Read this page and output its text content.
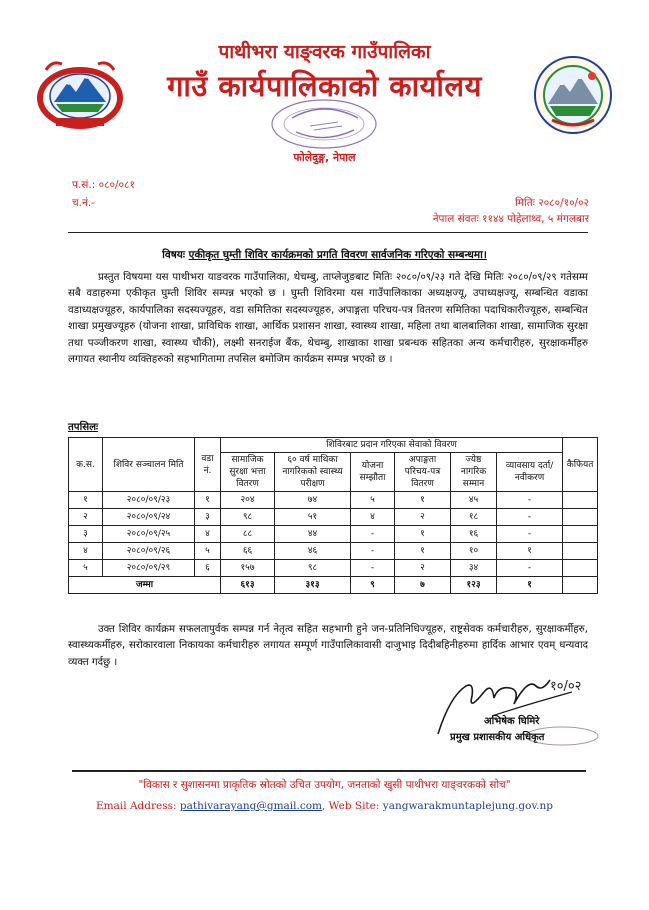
पाथीभरा याङ्वरक गाउँपालिका
गाउँ कार्यपालिकाको कार्यालय
फोलेदुङ्ग, नेपाल
प.सं.: ०८०/०८१
च.नं.-	मितिः २०८०/१०/०२
नेपाल संवतः ११४४ पोहेलाथ्व, ५ मंगलबार
विषयः एकीकृत घुम्ती शिविर कार्यक्रमको प्रगति विवरण सार्वजनिक गरिएको सम्बन्धमा।
प्रस्तुत विषयमा यस पाथीभरा याङवरक गाउँपालिका, थेचम्बु, ताप्लेजुङबाट मितिः २०८०/०९/२३ गते देखि मितिः २०८०/०९/२९ गतेसम्म सबै वडाहरुमा एकीकृत घुम्ती शिविर सम्पन्न भएको छ । घुम्ती शिविरमा यस गाउँपालिकाका अध्यक्षज्यू, उपाध्यक्षज्यू, सम्बन्धित वडाका वडाध्यक्षज्यूहरु, कार्यपालिका सदस्यज्यूहरु, वडा समितिका सदस्यज्यूहरु, अपाङ्गता परिचय-पत्र वितरण समितिका पदाधिकारीज्यूहरु, सम्बन्धित शाखा प्रमुखज्यूहरु (योजना शाखा, प्राविधिक शाखा, आर्थिक प्रशासन शाखा, स्वास्थ्य शाखा, महिला तथा बालबालिका शाखा, सामाजिक सुरक्षा तथा पञ्जीकरण शाखा, स्वास्थ्य चौकी), लक्ष्मी सनराईज बैंक, थेचम्बु, शाखाका शाखा प्रबन्धक सहितका अन्य कर्मचारीहरु, सुरक्षाकर्मीहरु लगायत स्थानीय व्यक्तिहरुको सहभागितामा तपसिल बमोजिम कार्यक्रम सम्पन्न भएको छ ।
तपसिलः
क.स.	शिविर सञ्चालन मिति	वडा नं.	शिविरबाट प्रदान गरिएका सेवाको विवरण						कैफियत
			सामाजिक सुरक्षा भत्ता वितरण	६० वर्ष माथिका नागरिकको स्वास्थ्य परीक्षण	योजना सम्झौता	अपाङ्गता परिचय-पत्र वितरण	ज्येष्ठ नागरिक सम्मान	व्यावसाय दर्ता/नवीकरण	
१	२०८०/०९/२३	१	२०४	७४	५	१	४५	-	
२	२०८०/०९/२४	३	९८	५१	४	२	१८	-	
३	२०८०/०९/२५	४	८८	४४	-	१	१६	-	
४	२०८०/०९/२६	५	६६	४६	-	१	१०	१	
५	२०८०/०९/२९	६	१५७	९८	-	२	३४	-	
जम्मा			६१३	३१३	९	७	१२३	१	
उक्त शिविर कार्यक्रम सफलतापुर्वक सम्पन्न गर्न नेतृत्व सहित सहभागी हुने जन-प्रतिनिधिज्यूहरु, राष्ट्रसेवक कर्मचारीहरु, सुरक्षाकर्मीहरु, स्वास्थ्यकर्मीहरु, सरोकारवाला निकायका कर्मचारीहरु लगायत सम्पूर्ण गाउँपालिकावासी दाजुभाइ दिदीबहिनीहरुमा हार्दिक आभार एवम् धन्यवाद व्यक्त गर्दछु ।
१०/०२
अभिषेक घिमिरे
प्रमुख प्रशासकीय अधिकृत
"विकास र सुशासनमा प्राकृतिक स्रोतको उचित उपयोग, जनताको खुसी पाथीभरा याङ्वरकको सोच"
Email Address: pathivarayang@gmail.com, Web Site: yangwarakmuntaplejung.gov.np
